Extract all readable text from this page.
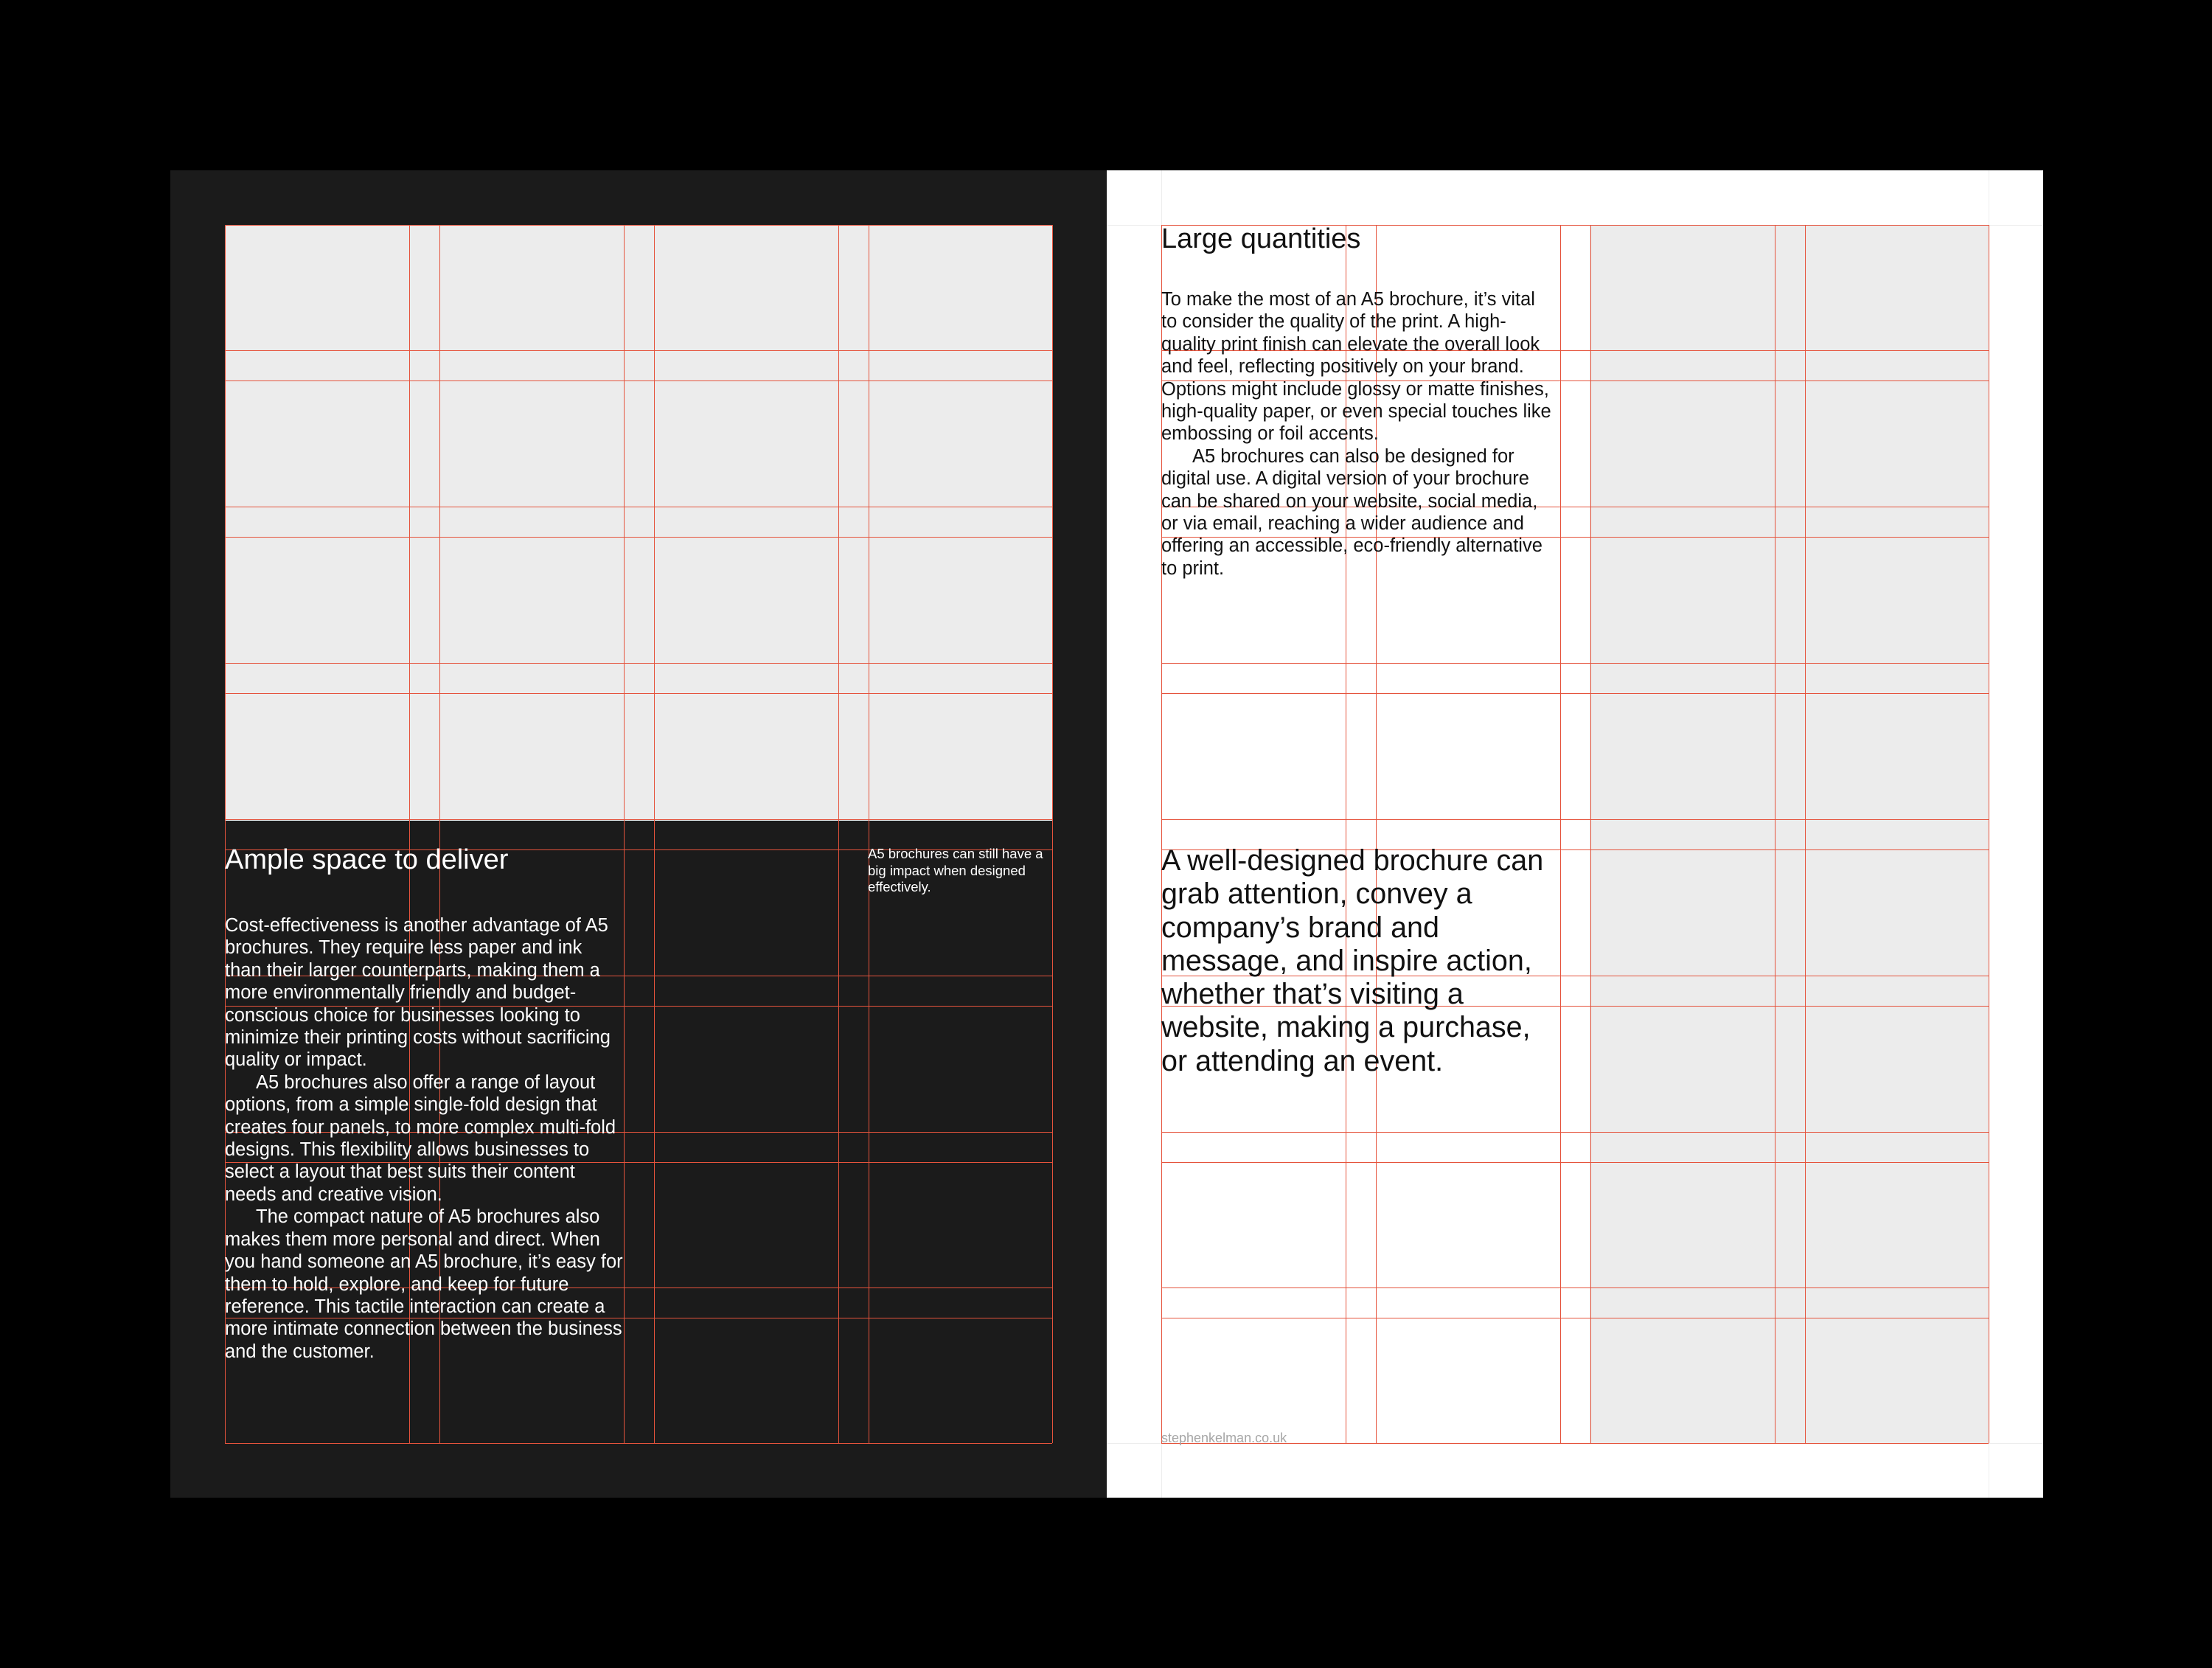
Ample space to deliver	A5 brochures can still have a big impact when designed effectively.

Cost-effectiveness is another advantage of A5 brochures. They require less paper and ink than their larger counterparts, making them a more environmentally friendly and budget-conscious choice for businesses looking to minimize their printing costs without sacrificing quality or impact.

A5 brochures also offer a range of layout options, from a simple single-fold design that creates four panels, to more complex multi-fold designs. This flexibility allows businesses to select a layout that best suits their content needs and creative vision.

The compact nature of A5 brochures also makes them more personal and direct. When you hand someone an A5 brochure, it’s easy for them to hold, explore, and keep for future reference. This tactile interaction can create a more intimate connection between the business and the customer.

Large quantities

To make the most of an A5 brochure, it’s vital to consider the quality of the print. A high-quality print finish can elevate the overall look and feel, reflecting positively on your brand. Options might include glossy or matte finishes, high-quality paper, or even special touches like embossing or foil accents.

A5 brochures can also be designed for digital use. A digital version of your brochure can be shared on your website, social media, or via email, reaching a wider audience and offering an accessible, eco-friendly alternative to print.

A well-designed brochure can grab attention, convey a company’s brand and message, and inspire action, whether that’s visiting a website, making a purchase, or attending an event.
stephenkelman.co.uk
